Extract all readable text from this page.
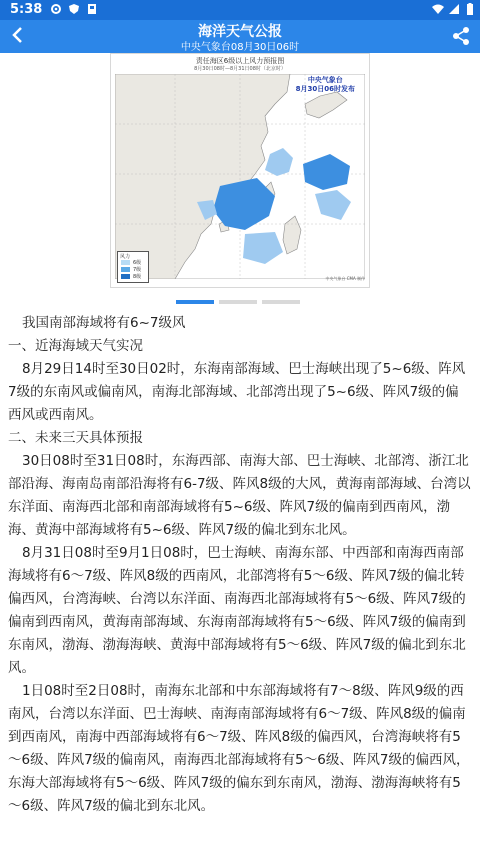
5:38
海洋天气公报
中央气象台08月30日06时
责任海区6级以上风力预报图
8月30日08时—8月31日08时（北京时）
中央气象台
8月30日06时发布
风力
6级
7级
8级	中央气象台 CMA 制作

我国南部海域将有6~7级风

一、近海海域天气实况

8月29日14时至30日02时，东海南部海域、巴士海峡出现了5~6级、阵风7级的东南风或偏南风，南海北部海域、北部湾出现了5~6级、阵风7级的偏西风或西南风。

二、未来三天具体预报

30日08时至31日08时，东海西部、南海大部、巴士海峡、北部湾、浙江北部沿海、海南岛南部沿海将有6-7级、阵风8级的大风，黄海南部海域、台湾以东洋面、南海西北部和南部海域将有5~6级、阵风7级的偏南到西南风，渤海、黄海中部海域将有5~6级、阵风7级的偏北到东北风。

8月31日08时至9月1日08时，巴士海峡、南海东部、中西部和南海西南部海域将有6～7级、阵风8级的西南风，北部湾将有5～6级、阵风7级的偏北转偏西风，台湾海峡、台湾以东洋面、南海西北部海域将有5～6级、阵风7级的偏南到西南风，黄海南部海域、东海南部海域将有5～6级、阵风7级的偏南到东南风，渤海、渤海海峡、黄海中部海域将有5～6级、阵风7级的偏北到东北风。

1日08时至2日08时，南海东北部和中东部海域将有7～8级、阵风9级的西南风，台湾以东洋面、巴士海峡、南海南部海域将有6～7级、阵风8级的偏南到西南风，南海中西部海域将有6～7级、阵风8级的偏西风，台湾海峡将有5～6级、阵风7级的偏南风，南海西北部海域将有5～6级、阵风7级的偏西风，东海大部海域将有5～6级、阵风7级的偏东到东南风，渤海、渤海海峡将有5～6级、阵风7级的偏北到东北风。
